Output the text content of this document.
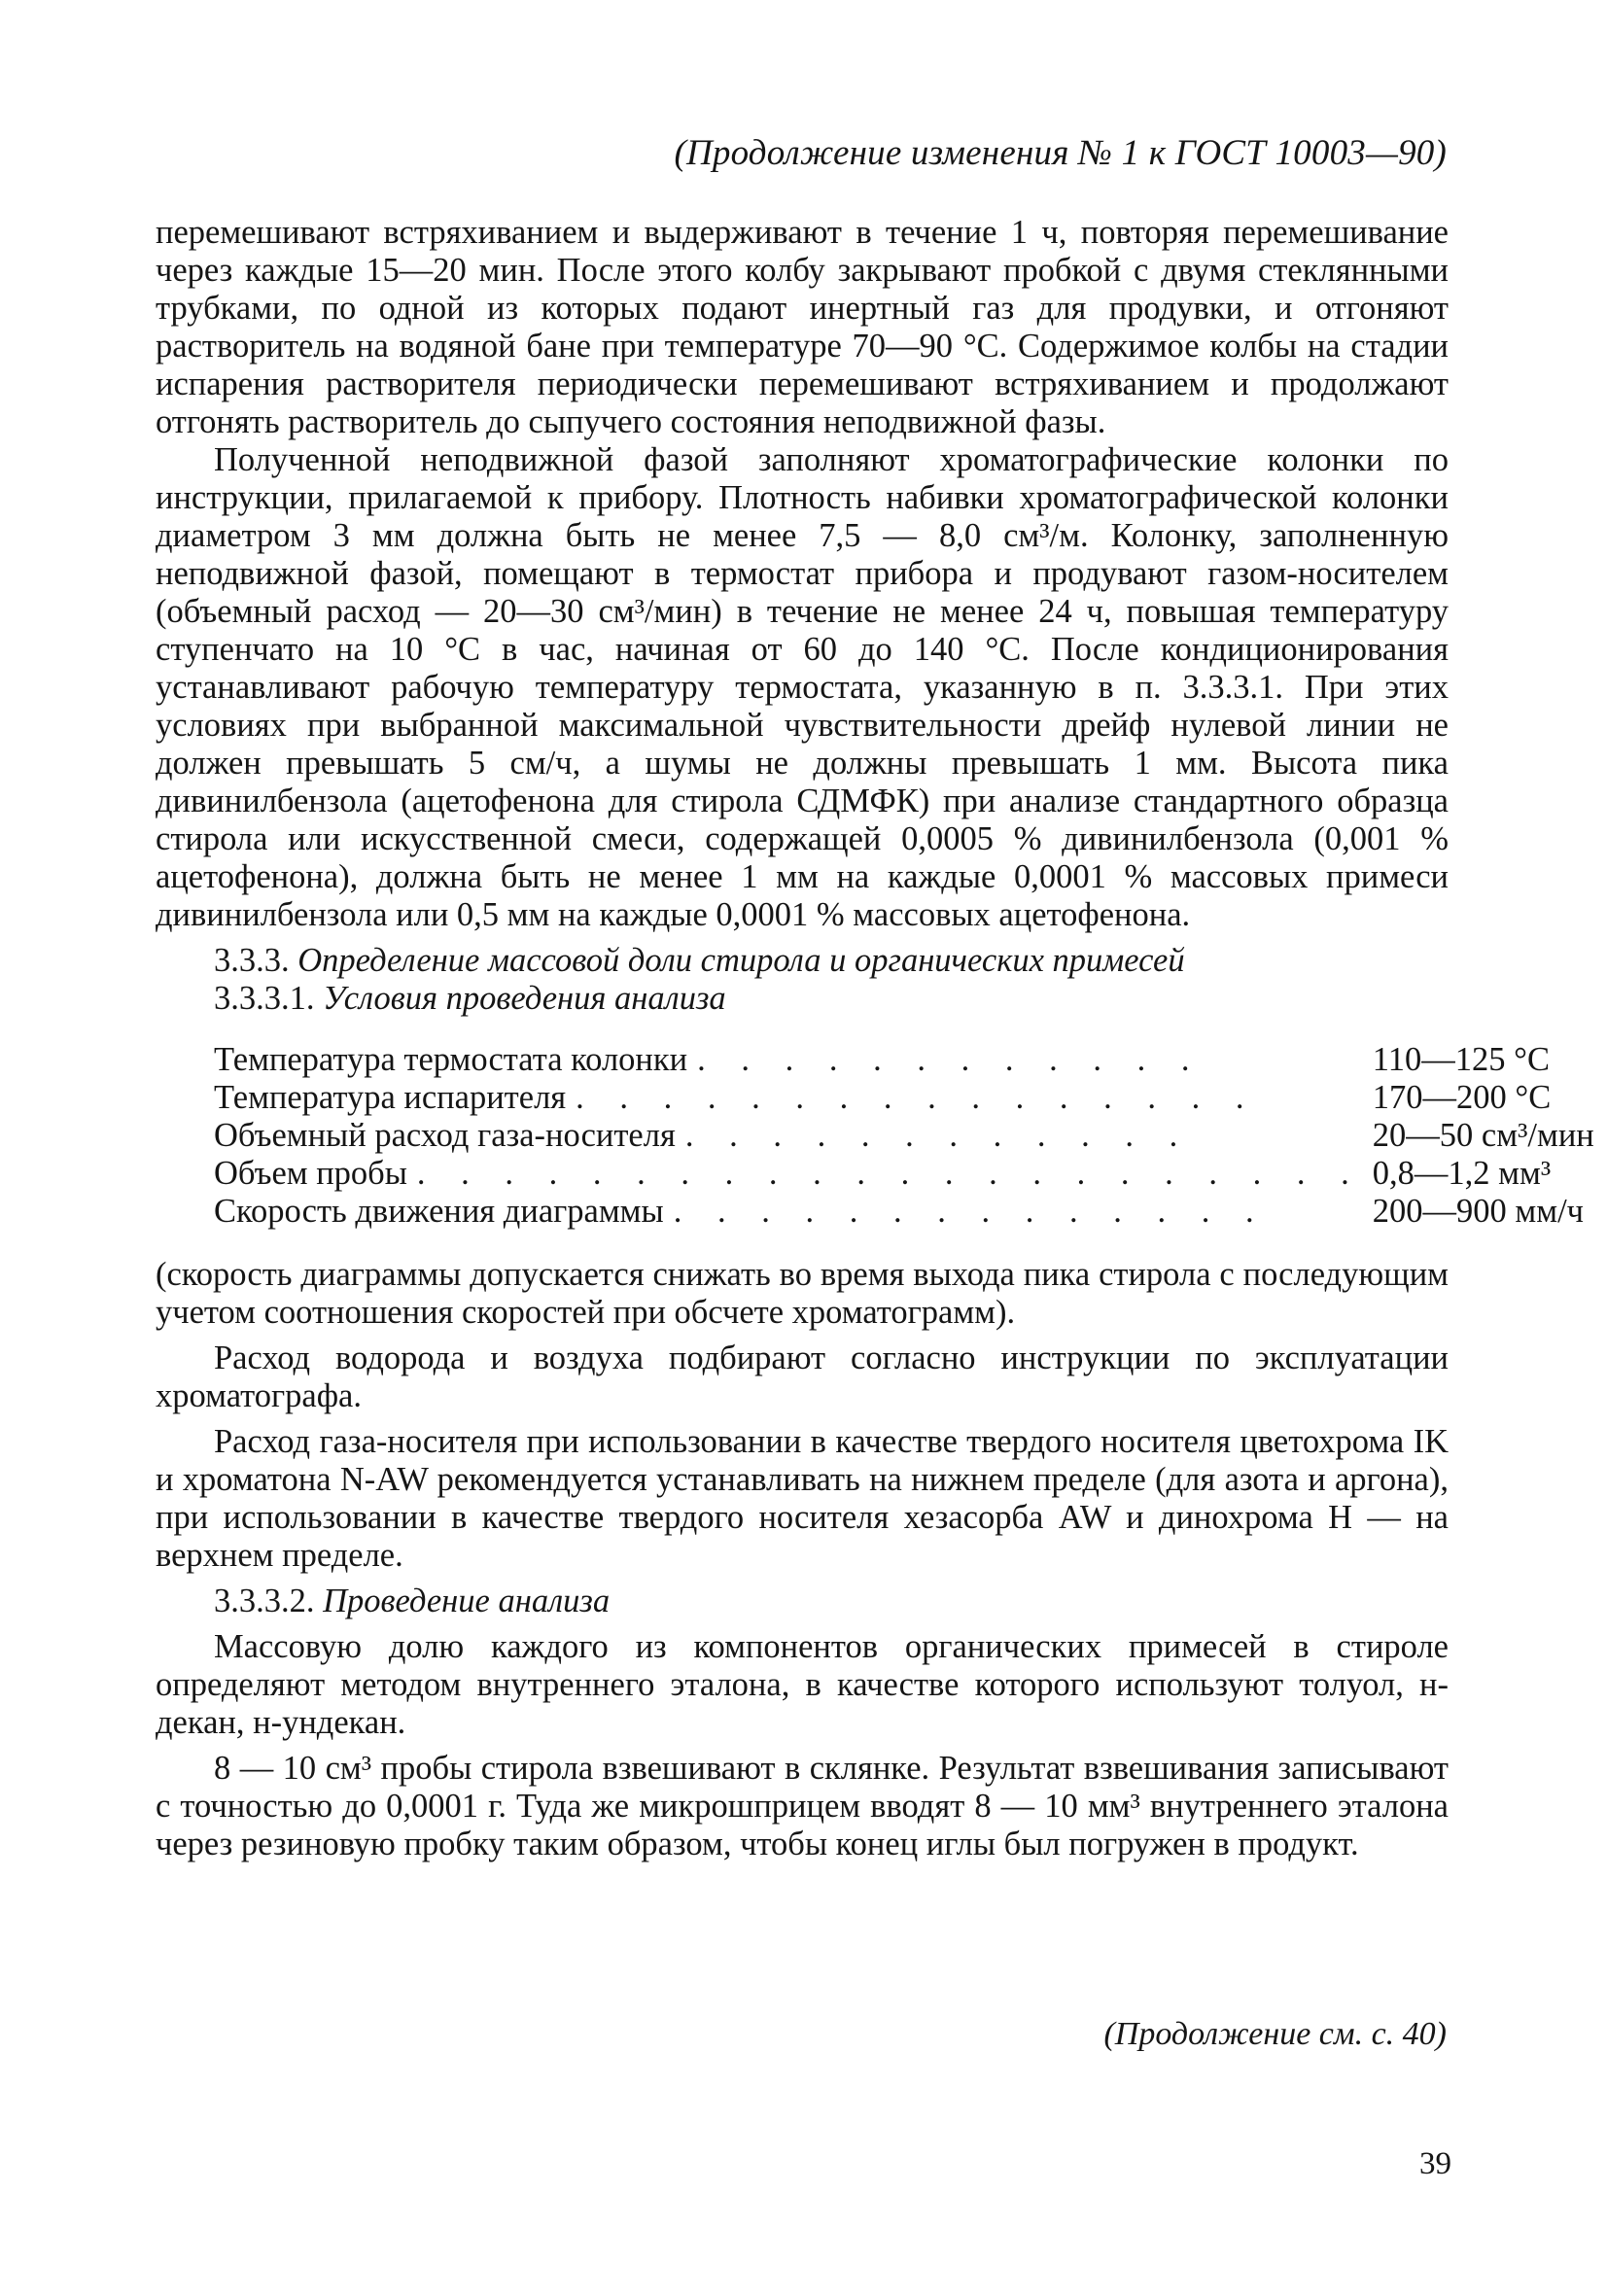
(Продолжение изменения № 1 к ГОСТ 10003—90)

перемешивают встряхиванием и выдерживают в течение 1 ч, повторяя перемешивание через каждые 15—20 мин. После этого колбу закрывают пробкой с двумя стеклянными трубками, по одной из которых подают инертный газ для продувки, и отгоняют растворитель на водяной бане при температуре 70—90 °С. Содержимое колбы на стадии испарения растворителя периодически перемешивают встряхиванием и продолжают отгонять растворитель до сыпучего состояния неподвижной фазы.

Полученной неподвижной фазой заполняют хроматографические колонки по инструкции, прилагаемой к прибору. Плотность набивки хроматографической колонки диаметром 3 мм должна быть не менее 7,5 — 8,0 см³/м. Колонку, заполненную неподвижной фазой, помещают в термостат прибора и продувают газом-носителем (объемный расход — 20—30 см³/мин) в течение не менее 24 ч, повышая температуру ступенчато на 10 °С в час, начиная от 60 до 140 °С. После кондиционирования устанавливают рабочую температуру термостата, указанную в п. 3.3.3.1. При этих условиях при выбранной максимальной чувствительности дрейф нулевой линии не должен превышать 5 см/ч, а шумы не должны превышать 1 мм. Высота пика дивинилбензола (ацетофенона для стирола СДМФК) при анализе стандартного образца стирола или искусственной смеси, содержащей 0,0005 % дивинилбензола (0,001 % ацетофенона), должна быть не менее 1 мм на каждые 0,0001 % массовых примеси дивинилбензола или 0,5 мм на каждые 0,0001 % массовых ацетофенона.

3.3.3. Определение массовой доли стирола и органических примесей

3.3.3.1. Условия проведения анализа

Температура термостата колонки . . . . . . . . . . . .	110—125 °С
Температура испарителя . . . . . . . . . . . . . . . .	170—200 °С
Объемный расход газа-носителя . . . . . . . . . . . .	20—50 см³/мин
Объем пробы . . . . . . . . . . . . . . . . . . . . . .	0,8—1,2 мм³
Скорость движения диаграммы . . . . . . . . . . . . . .	200—900 мм/ч

(скорость диаграммы допускается снижать во время выхода пика стирола с последующим учетом соотношения скоростей при обсчете хроматограмм).

Расход водорода и воздуха подбирают согласно инструкции по эксплуатации хроматографа.

Расход газа-носителя при использовании в качестве твердого носителя цветохрома IK и хроматона N-AW рекомендуется устанавливать на нижнем пределе (для азота и аргона), при использовании в качестве твердого носителя хезасорба AW и динохрома H — на верхнем пределе.

3.3.3.2. Проведение анализа

Массовую долю каждого из компонентов органических примесей в стироле определяют методом внутреннего эталона, в качестве которого используют толуол, н-декан, н-ундекан.

8 — 10 см³ пробы стирола взвешивают в склянке. Результат взвешивания записывают с точностью до 0,0001 г. Туда же микрошприцем вводят 8 — 10 мм³ внутреннего эталона через резиновую пробку таким образом, чтобы конец иглы был погружен в продукт.

(Продолжение см. с. 40)
39
